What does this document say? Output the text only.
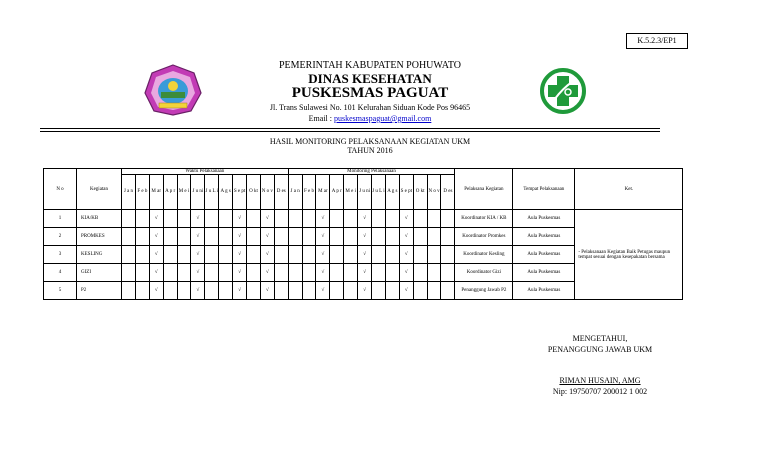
K.5.2.3/EP1
PEMERINTAH KABUPATEN POHUWATO
DINAS KESEHATAN
PUSKESMAS PAGUAT
Jl. Trans Sulawesi No. 101 Kelurahan Siduan Kode Pos 96465
Email : puskesmaspaguat@gmail.com
HASIL MONITORING PELAKSANAAN KEGIATAN UKM
TAHUN 2016
N o	Kegiatan	Waktu Pelaksanaan												Monitoring Pelaksanaan												Pelaksana Kegiatan	Tempat Pelaksanaan	Ket.
		J a n	F e b	M ar	A p r	M e i	J u ni	J u L i	A g s	S e pt	O kt	N o v	D es	J a n	F e b	M ar	A p r	M e i	J u ni	J u L i	A g s	S e pt	O kt	N o v	D es			
1	KIA/KB			√			√			√		√				√			√			√				Koordinator KIA / KB	Aula Puskesmas	- Pelaksanaan Kegiatan Baik Petugas maupun tempat sesuai dengan kesepakatan bersama
2	PROMKES			√			√			√		√				√			√			√				Koordinator Promkes	Aula Puskesmas	
3	KESLING			√			√			√		√				√			√			√				Koordinator Kesling	Aula Puskesmas	
4	GIZI			√			√			√		√				√			√			√				Koordinator Gizi	Aula Puskesmas	
5	P2			√			√			√		√				√			√			√				Penanggung Jawab P2	Aula Puskesmas	
MENGETAHUI,
PENANGGUNG JAWAB UKM
RIMAN HUSAIN, AMG
Nip: 19750707 200012 1 002
